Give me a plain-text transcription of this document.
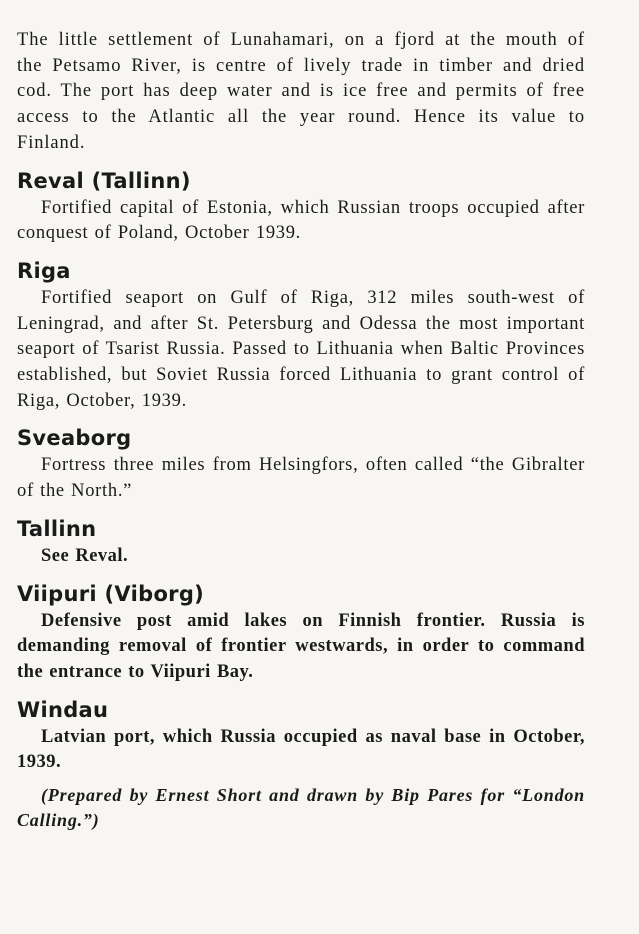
The little settlement of Lunahamari, on a fjord at the mouth of the Petsamo River, is centre of lively trade in timber and dried cod. The port has deep water and is ice free and permits of free access to the Atlantic all the year round. Hence its value to Finland.

Reval (Tallinn)

Fortified capital of Estonia, which Russian troops occupied after conquest of Poland, October 1939.

Riga

Fortified seaport on Gulf of Riga, 312 miles south-west of Leningrad, and after St. Petersburg and Odessa the most important seaport of Tsarist Russia. Passed to Lithuania when Baltic Provinces established, but Soviet Russia forced Lithuania to grant control of Riga, October, 1939.

Sveaborg

Fortress three miles from Helsingfors, often called “the Gibralter of the North.”

Tallinn

See Reval.

Viipuri (Viborg)

Defensive post amid lakes on Finnish frontier. Russia is demanding removal of frontier westwards, in order to command the entrance to Viipuri Bay.

Windau

Latvian port, which Russia occupied as naval base in October, 1939.

(Prepared by Ernest Short and drawn by Bip Pares for “London Calling.”)
